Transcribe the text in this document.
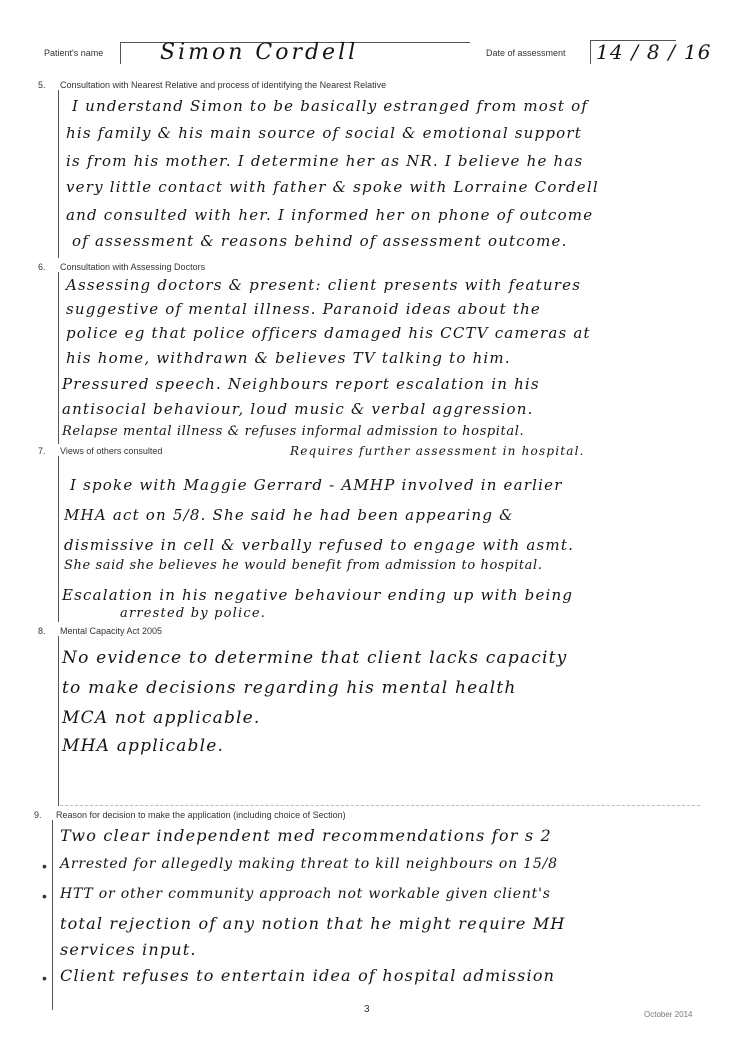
Patient's name	Simon Cordell	Date of assessment 14 / 8 / 16
5. Consultation with Nearest Relative and process of identifying the Nearest Relative
I understand Simon to be basically estranged from most of
his family & his main source of social & emotional support
is from his mother. I determine her as NR. I believe he has
very little contact with father & spoke with Lorraine Cordell
and consulted with her. I informed her on phone of outcome
of assessment & reasons behind of assessment outcome.
6. Consultation with Assessing Doctors
Assessing doctors & present: client presents with features
suggestive of mental illness. Paranoid ideas about the
police eg that police officers damaged his CCTV cameras at
his home, withdrawn & believes TV talking to him.
Pressured speech. Neighbours report escalation in his
antisocial behaviour, loud music & verbal aggression.
Relapse mental illness & refuses informal admission to hospital.
Requires further assessment in hospital.
7. Views of others consulted
I spoke with Maggie Gerrard - AMHP involved in earlier
MHA act on 5/8. She said he had been appearing &
dismissive in cell & verbally refused to engage with asmt.
She said she believes he would benefit from admission to hospital.
Escalation in his negative behaviour ending up with being
arrested by police.
8. Mental Capacity Act 2005
No evidence to determine that client lacks capacity
to make decisions regarding his mental health
MCA not applicable.
MHA applicable.
9. Reason for decision to make the application (including choice of Section)
Two clear independent med recommendations for s 2
• Arrested for allegedly making threat to kill neighbours on 15/8
• HTT or other community approach not workable given client's
total rejection of any notion that he might require MH
services input.
• Client refuses to entertain idea of hospital admission
3	October 2014
